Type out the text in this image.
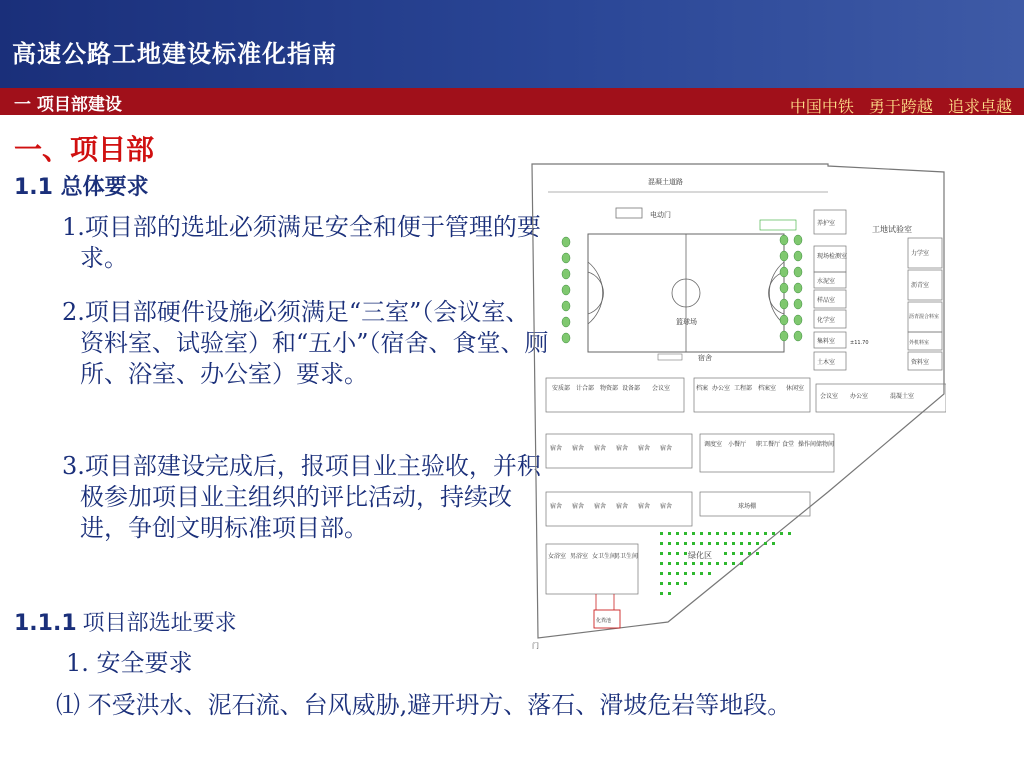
高速公路工地建设标准化指南
一 项目部建设	中国中铁 勇于跨越 追求卓越
一、项目部
1.1 总体要求
1.项目部的选址必须满足安全和便于管理的要求。
2.项目部硬件设施必须满足“三室”（会议室、资料室、试验室）和“五小”（宿舍、食堂、厕所、浴室、办公室）要求。
3.项目部建设完成后，报项目业主验收，并积极参加项目业主组织的评比活动，持续改进，争创文明标准项目部。
1.1.1 项目部选址要求
1. 安全要求
⑴ 不受洪水、泥石流、台风威胁,避开坍方、落石、滑坡危岩等地段。
混凝土道路
电动门
篮球场
宿舍
工地试验室
±11.70
养护室
现场检测室
水泥室
样品室
化学室
集料室
土木室
力学室
沥青室
沥青混合料室
外机料室
资料室
安质部 计合部 物资部 设备部 会议室	档案 办公室 工程部 档案室 休闲室
会议室 办公室	混凝土室
宿舍 宿舍 宿舍 宿舍 宿舍 宿舍
宿舍 宿舍 宿舍 宿舍 宿舍 宿舍
调度室 小餐厅 职工餐厅 食堂 操作间 储物间
球场棚
女浴室 男浴室 女卫生间
男卫生间	绿化区
化粪池
门
